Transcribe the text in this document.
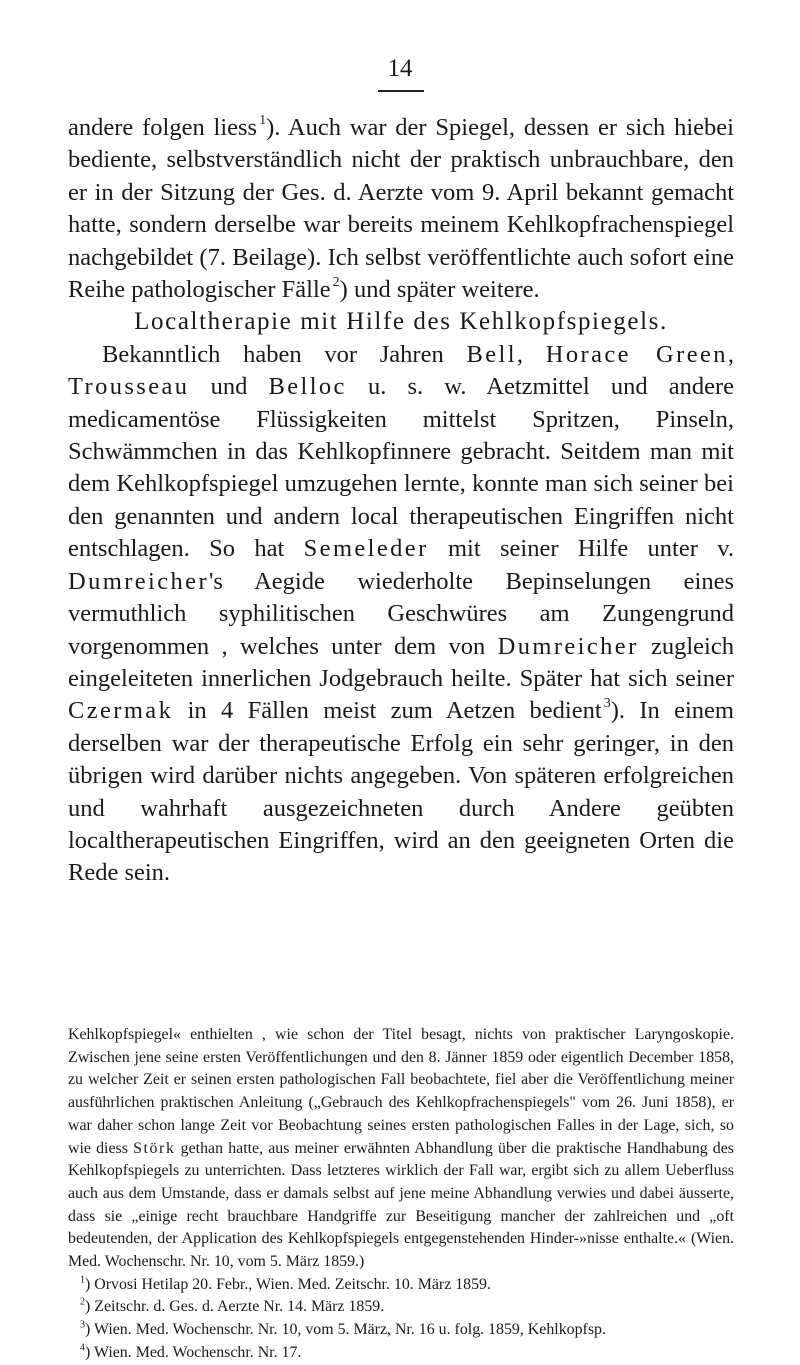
14

andere folgen liess  $^1$). Auch war der Spiegel, dessen er sich hiebei bediente, selbstverständlich nicht der praktisch unbrauchbare, den er in der Sitzung der Ges. d. Aerzte vom 9. April bekannt gemacht hatte, sondern derselbe war bereits meinem Kehlkopfrachenspiegel nachgebildet (7. Beilage). Ich selbst veröffentlichte auch sofort eine Reihe pathologischer Fälle  $^2$) und später weitere.

Localtherapie mit Hilfe des Kehlkopfspiegels.

Bekanntlich haben vor Jahren Bell, Horace Green, Trousseau und Belloc u. s. w. Aetzmittel und andere medicamentöse Flüssigkeiten mittelst Spritzen, Pinseln, Schwämmchen in das Kehlkopfinnere gebracht. Seitdem man mit dem Kehlkopfspiegel umzugehen lernte, konnte man sich seiner bei den genannten und andern local therapeutischen Eingriffen nicht entschlagen. So hat Semeleder mit seiner Hilfe unter v. Dumreicher's Aegide wiederholte Bepinselungen eines vermuthlich syphilitischen Geschwüres am Zungengrund vorgenommen , welches unter dem von Dumreicher zugleich eingeleiteten innerlichen Jodgebrauch heilte. Später hat sich seiner Czermak in 4 Fällen meist zum Aetzen bedient  $^3$). In einem derselben war der therapeutische Erfolg ein sehr geringer, in den übrigen wird darüber nichts angegeben. Von späteren erfolgreichen und wahrhaft ausgezeichneten durch Andere geübten localtherapeutischen Eingriffen, wird an den geeigneten Orten die Rede sein.

Kehlkopfspiegel« enthielten , wie schon der Titel besagt, nichts von praktischer Laryngoskopie. Zwischen jene seine ersten Veröffentlichungen und den 8. Jänner 1859 oder eigentlich December 1858, zu welcher Zeit er seinen ersten pathologischen Fall beobachtete, fiel aber die Veröffentlichung meiner ausführlichen praktischen Anleitung („Gebrauch des Kehlkopfrachenspiegels" vom 26. Juni 1858), er war daher schon lange Zeit vor Beobachtung seines ersten pathologischen Falles in der Lage, sich, so wie diess Störk gethan hatte, aus meiner erwähnten Abhandlung über die praktische Handhabung des Kehlkopfspiegels zu unterrichten. Dass letzteres wirklich der Fall war, ergibt sich zu allem Ueberfluss auch aus dem Umstande, dass er damals selbst auf jene meine Abhandlung verwies und dabei äusserte, dass sie „einige recht brauchbare Handgriffe zur Beseitigung mancher der zahlreichen und „oft bedeutenden, der Application des Kehlkopfspiegels entgegenstehenden Hinder-»nisse enthalte.« (Wien. Med. Wochenschr. Nr. 10, vom 5. März 1859.)

$^1$) Orvosi Hetilap 20. Febr., Wien. Med. Zeitschr. 10. März 1859.

$^2$) Zeitschr. d. Ges. d. Aerzte Nr. 14. März 1859.

$^3$) Wien. Med. Wochenschr. Nr. 10, vom 5. März, Nr. 16 u. folg. 1859, Kehlkopfsp.

$^4$) Wien. Med. Wochenschr. Nr. 17.
